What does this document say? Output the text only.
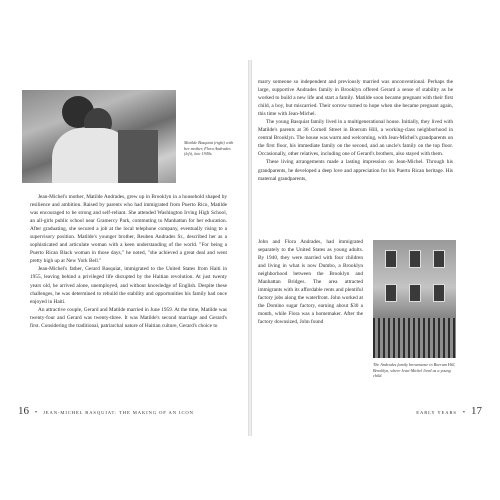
Matilde Basquiat (right) with her mother, Flora Andrades (left), late 1940s.

Jean-Michel's mother, Matilde Andrades, grew up in Brooklyn in a household shaped by resilience and ambition. Raised by parents who had immigrated from Puerto Rico, Matilde was encouraged to be strong and self-reliant. She attended Washington Irving High School, an all-girls public school near Gramercy Park, commuting to Manhattan for her education. After graduating, she secured a job at the local telephone company, eventually rising to a supervisory position. Matilde's younger brother, Reuben Andrades Sr., described her as a sophisticated and articulate woman with a keen understanding of the world. "For being a Puerto Rican Black woman in those days," he noted, "she achieved a great deal and went pretty high up at New York Bell."

Jean-Michel's father, Gerard Basquiat, immigrated to the United States from Haiti in 1955, leaving behind a privileged life disrupted by the Haitian revolution. At just twenty years old, he arrived alone, unemployed, and without knowledge of English. Despite these challenges, he was determined to rebuild the stability and opportunities his family had once enjoyed in Haiti.

An attractive couple, Gerard and Matilde married in June 1959. At the time, Matilde was twenty-four and Gerard was twenty-three. It was Matilde's second marriage and Gerard's first. Considering the traditional, patriarchal nature of Haitian culture, Gerard's choice to

16 • JEAN-MICHEL BASQUIAT: THE MAKING OF AN ICON

marry someone so independent and previously married was unconventional. Perhaps the large, supportive Andrades family in Brooklyn offered Gerard a sense of stability as he worked to build a new life and start a family. Matilde soon became pregnant with their first child, a boy, but miscarried. Their sorrow turned to hope when she became pregnant again, this time with Jean-Michel.

The young Basquiat family lived in a multigenerational house. Initially, they lived with Matilde's parents at 36 Cornell Street in Boerum Hill, a working-class neighborhood in central Brooklyn. The house was warm and welcoming, with Jean-Michel's grandparents on the first floor, his immediate family on the second, and an uncle's family on the top floor. Occasionally, other relatives, including one of Gerard's brothers, also stayed with them.

These living arrangements made a lasting impression on Jean-Michel. Through his grandparents, he developed a deep love and appreciation for his Puerto Rican heritage. His maternal grandparents,

John and Flora Andrades, had immigrated separately to the United States as young adults. By 1940, they were married with four children and living in what is now Dumbo, a Brooklyn neighborhood between the Brooklyn and Manhattan Bridges. The area attracted immigrants with its affordable rents and plentiful factory jobs along the waterfront. John worked at the Domino sugar factory, earning about $30 a month, while Flora was a homemaker. After the factory downsized, John found

The Andrades family brownstone in Boerum Hill, Brooklyn, where Jean-Michel lived as a young child.
EARLY YEARS • 17
